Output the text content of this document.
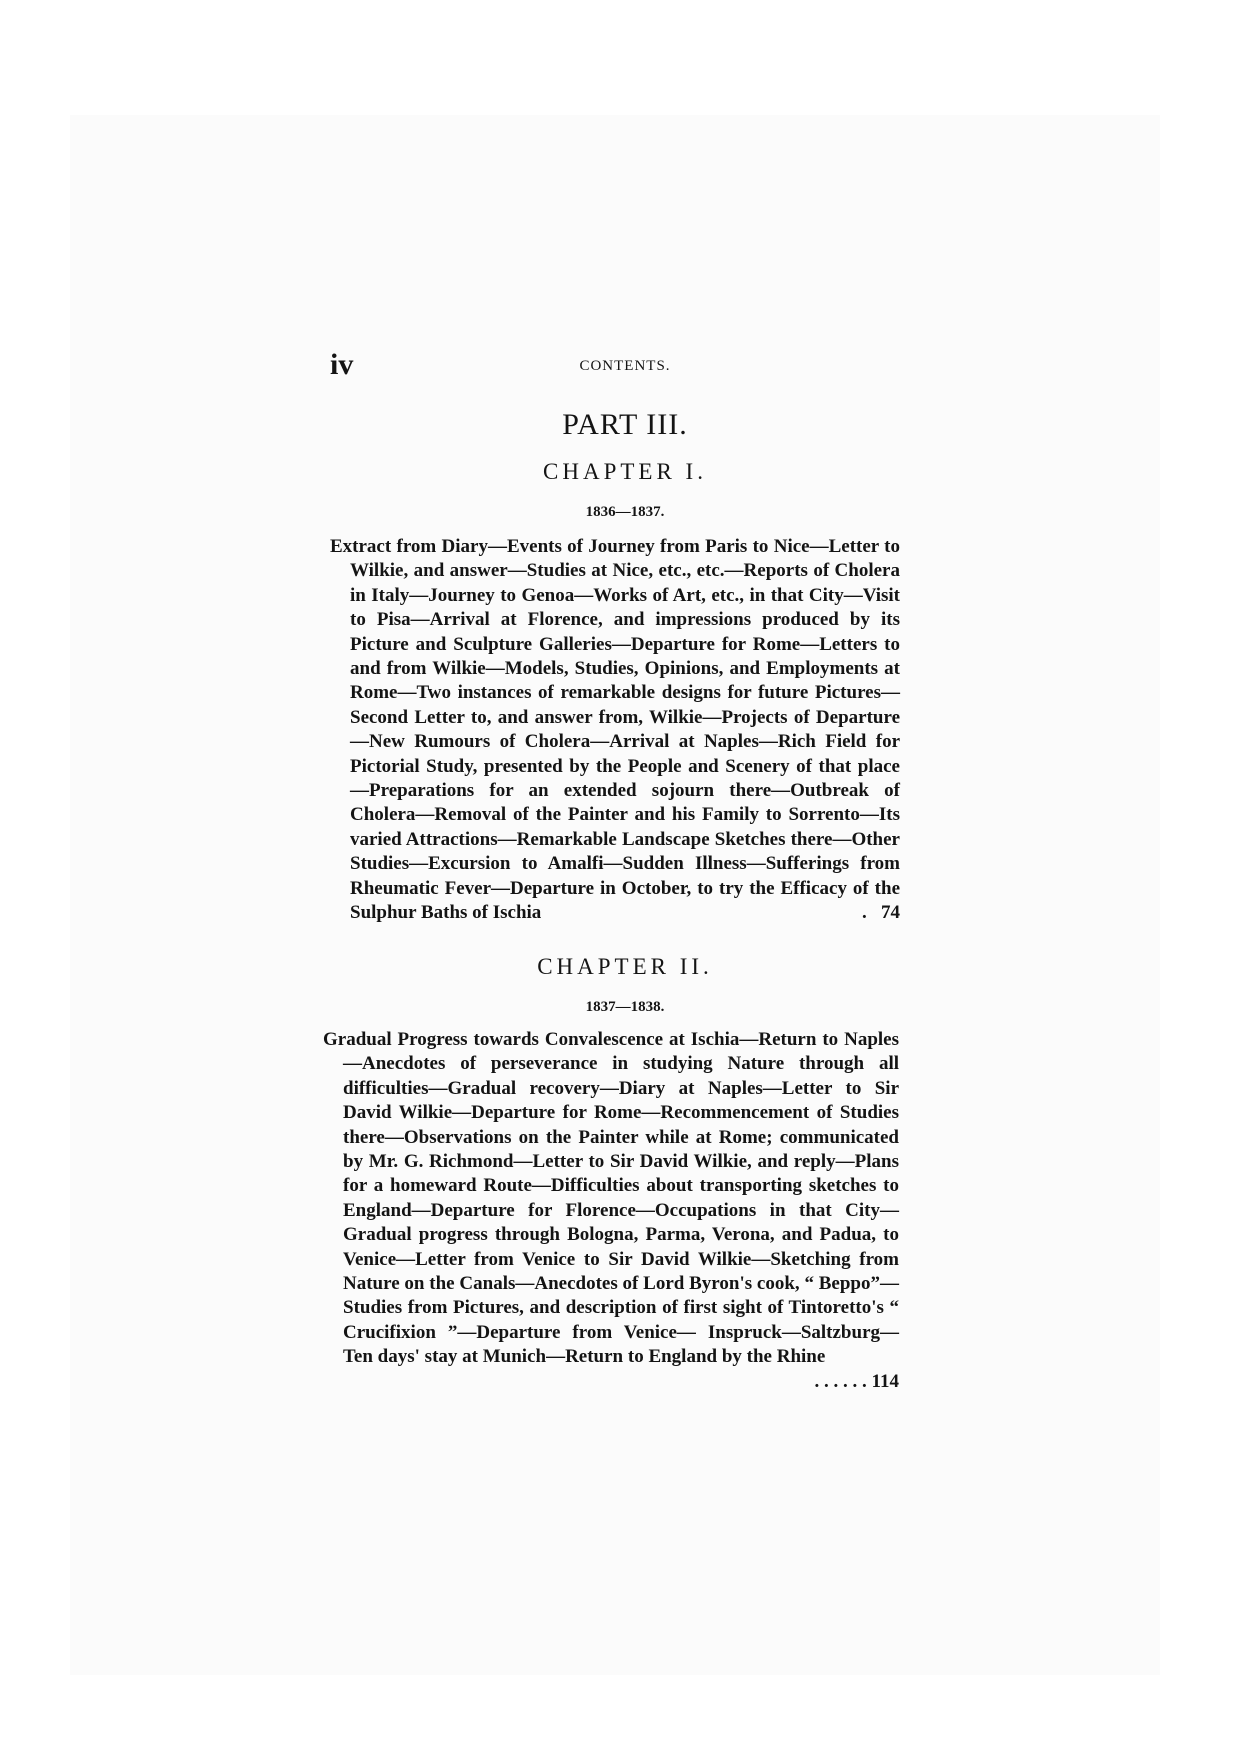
iv	CONTENTS.
PART III.
CHAPTER I.
1836—1837.

Extract from Diary—Events of Journey from Paris to Nice—Letter to Wilkie, and answer—Studies at Nice, etc., etc.—Reports of Cholera in Italy—Journey to Genoa—Works of Art, etc., in that City—Visit to Pisa—Arrival at Florence, and impressions produced by its Picture and Sculpture Galleries—Departure for Rome—Letters to and from Wilkie—Models, Studies, Opinions, and Employments at Rome—Two instances of remarkable designs for future Pictures—Second Letter to, and answer from, Wilkie—Projects of Departure—New Rumours of Cholera—Arrival at Naples—Rich Field for Pictorial Study, presented by the People and Scenery of that place—Preparations for an extended sojourn there—Outbreak of Cholera—Removal of the Painter and his Family to Sorrento—Its varied Attractions—Remarkable Landscape Sketches there—Other Studies—Excursion to Amalfi—Sudden Illness—Sufferings from Rheumatic Fever—Departure in October, to try the Efficacy of the Sulphur Baths of Ischia	. 74

CHAPTER II.
1837—1838.

Gradual Progress towards Convalescence at Ischia—Return to Naples—Anecdotes of perseverance in studying Nature through all difficulties—Gradual recovery—Diary at Naples—Letter to Sir David Wilkie—Departure for Rome—Recommencement of Studies there—Observations on the Painter while at Rome; communicated by Mr. G. Richmond—Letter to Sir David Wilkie, and reply—Plans for a homeward Route—Difficulties about transporting sketches to England—Departure for Florence—Occupations in that City—Gradual progress through Bologna, Parma, Verona, and Padua, to Venice—Letter from Venice to Sir David Wilkie—Sketching from Nature on the Canals—Anecdotes of Lord Byron's cook, “ Beppo”—Studies from Pictures, and description of first sight of Tintoretto's “ Crucifixion ”—Departure from Venice— Inspruck—Saltzburg—Ten days' stay at Munich—Return to England by the Rhine
. . . . . . 114
